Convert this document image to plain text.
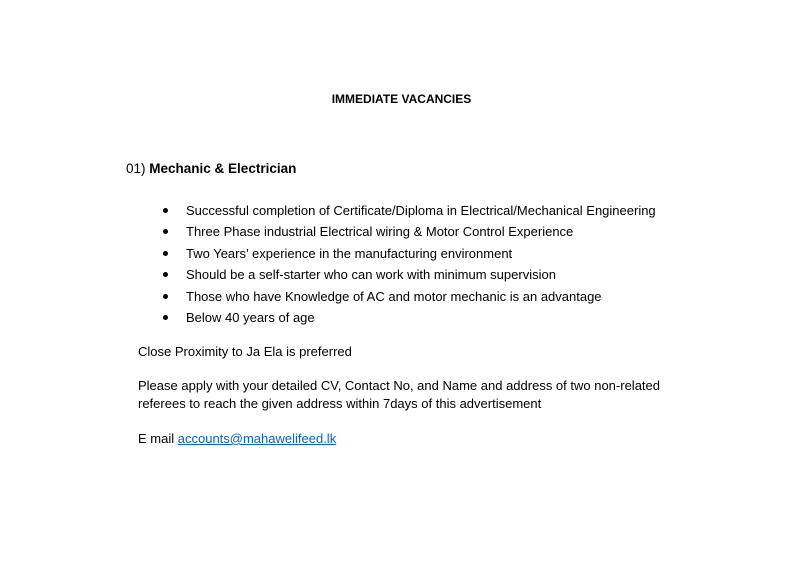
IMMEDIATE VACANCIES
01) Mechanic & Electrician
Successful completion of Certificate/Diploma in Electrical/Mechanical Engineering
Three Phase industrial Electrical wiring & Motor Control Experience
Two Years’ experience in the manufacturing environment
Should be a self-starter who can work with minimum supervision
Those who have Knowledge of AC and motor mechanic is an advantage
Below 40 years of age
Close Proximity to Ja Ela is preferred
Please apply with your detailed CV, Contact No, and Name and address of two non-related
referees to reach the given address within 7days of this advertisement
E mail accounts@mahawelifeed.lk
